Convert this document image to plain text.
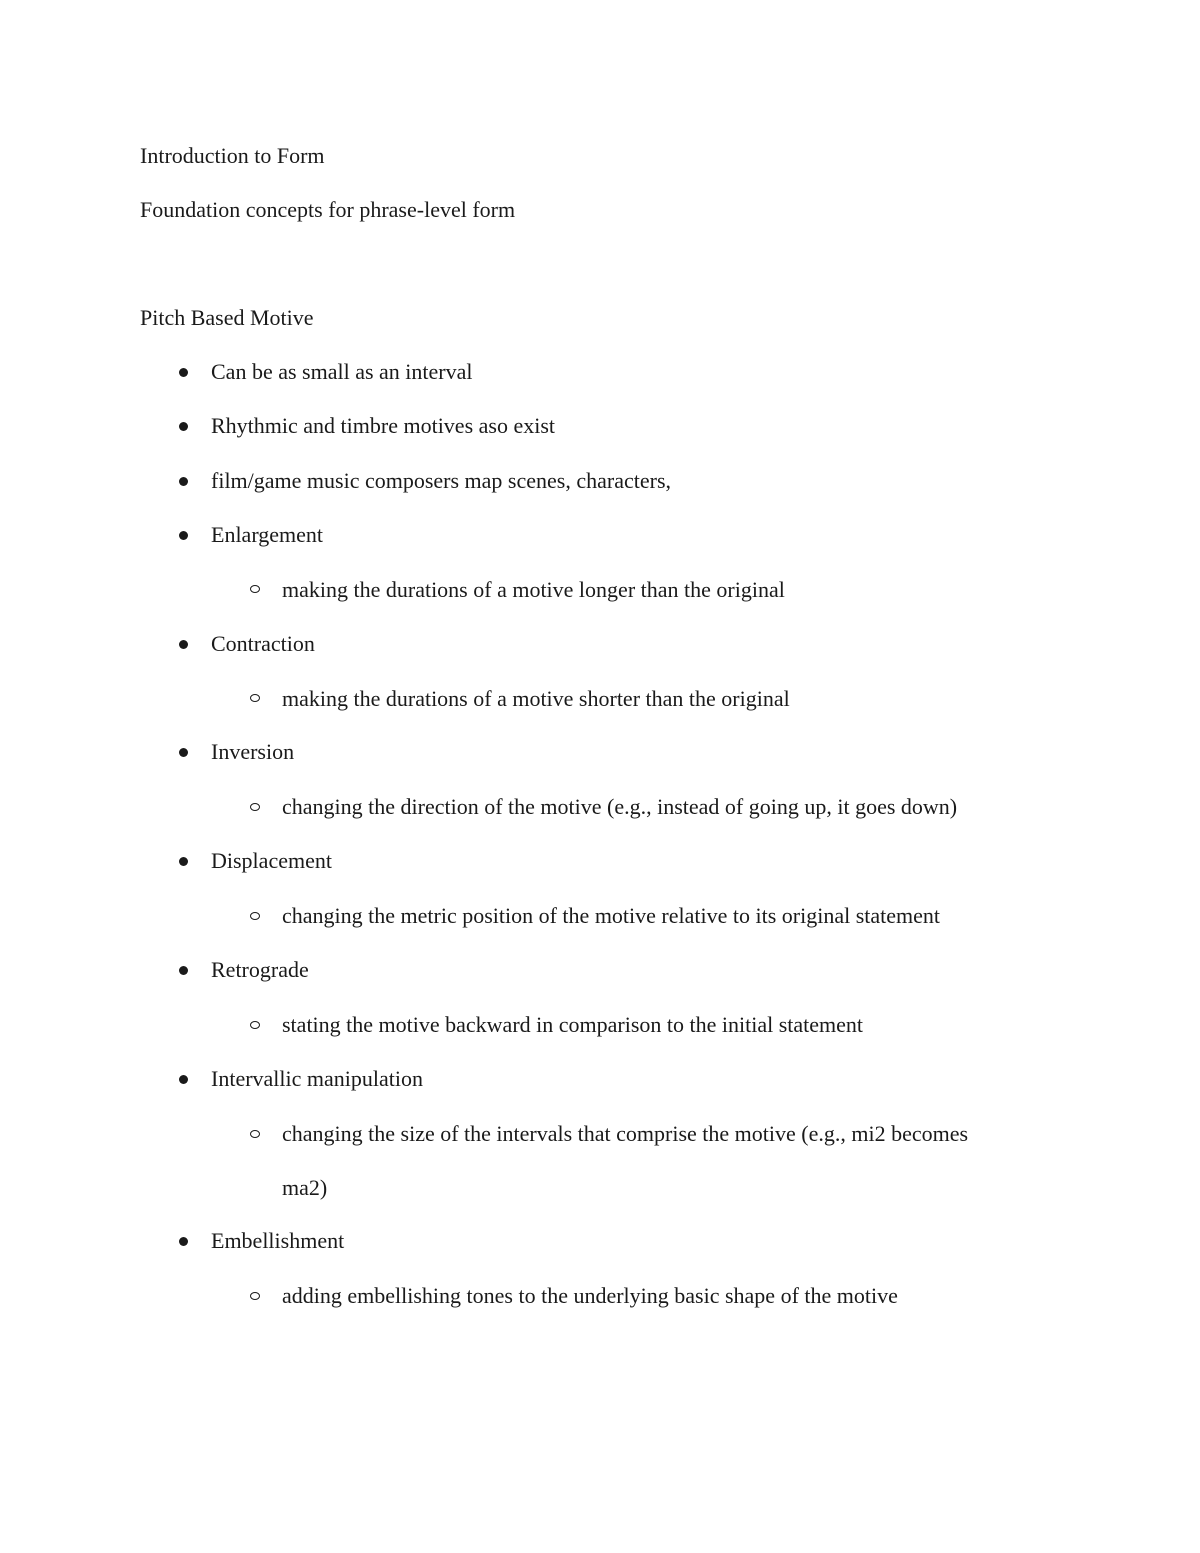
Introduction to Form
Foundation concepts for phrase-level form
Pitch Based Motive
Can be as small as an interval
Rhythmic and timbre motives aso exist
film/game music composers map scenes, characters,
Enlargement
making the durations of a motive longer than the original
Contraction
making the durations of a motive shorter than the original
Inversion
changing the direction of the motive (e.g., instead of going up, it goes down)
Displacement
changing the metric position of the motive relative to its original statement
Retrograde
stating the motive backward in comparison to the initial statement
Intervallic manipulation
changing the size of the intervals that comprise the motive (e.g., mi2 becomes
ma2)
Embellishment
adding embellishing tones to the underlying basic shape of the motive
